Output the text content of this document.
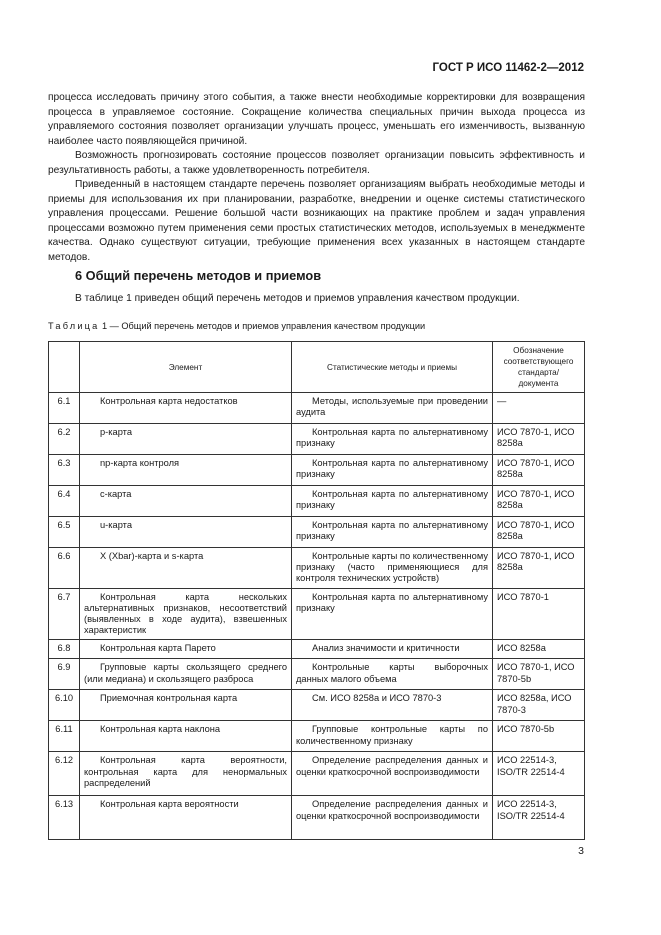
ГОСТ Р ИСО 11462-2—2012

процесса исследовать причину этого события, а также внести необходимые корректировки для возвращения процесса в управляемое состояние. Сокращение количества специальных причин выхода процесса из управляемого состояния позволяет организации улучшать процесс, уменьшать его изменчивость, вызванную наиболее часто появляющейся причиной.

Возможность прогнозировать состояние процессов позволяет организации повысить эффективность и результативность работы, а также удовлетворенность потребителя.

Приведенный в настоящем стандарте перечень позволяет организациям выбрать необходимые методы и приемы для использования их при планировании, разработке, внедрении и оценке системы статистического управления процессами. Решение большой части возникающих на практике проблем и задач управления процессами возможно путем применения семи простых статистических методов, используемых в менеджменте качества. Однако существуют ситуации, требующие применения всех указанных в настоящем стандарте методов.

6 Общий перечень методов и приемов
В таблице 1 приведен общий перечень методов и приемов управления качеством продукции.
Таблица 1 — Общий перечень методов и приемов управления качеством продукции
	Элемент	Статистические методы и приемы	Обозначение соответствующего стандарта/ документа
6.1	Контрольная карта недостатков	Методы, используемые при проведении аудита	—
6.2	p-карта	Контрольная карта по альтернативному признаку	ИСО 7870-1, ИСО 8258а
6.3	np-карта контроля	Контрольная карта по альтернативному признаку	ИСО 7870-1, ИСО 8258а
6.4	c-карта	Контрольная карта по альтернативному признаку	ИСО 7870-1, ИСО 8258а
6.5	u-карта	Контрольная карта по альтернативному признаку	ИСО 7870-1, ИСО 8258а
6.6	X (Xbar)-карта и s-карта	Контрольные карты по количественному признаку (часто применяющиеся для контроля технических устройств)	ИСО 7870-1, ИСО 8258а
6.7	Контрольная карта нескольких альтернативных признаков, несоответствий (выявленных в ходе аудита), взвешенных характеристик	Контрольная карта по альтернативному признаку	ИСО 7870-1
6.8	Контрольная карта Парето	Анализ значимости и критичности	ИСО 8258а
6.9	Групповые карты скользящего среднего (или медиана) и скользящего разброса	Контрольные карты выборочных данных малого объема	ИСО 7870-1, ИСО 7870-5b
6.10	Приемочная контрольная карта	См. ИСО 8258а и ИСО 7870-3	ИСО 8258а, ИСО 7870-3
6.11	Контрольная карта наклона	Групповые контрольные карты по количественному признаку	ИСО 7870-5b
6.12	Контрольная карта вероятности, контрольная карта для ненормальных распределений	Определение распределения данных и оценки краткосрочной воспроизводимости	ИСО 22514-3, ISO/TR 22514-4
6.13	Контрольная карта вероятности	Определение распределения данных и оценки краткосрочной воспроизводимости	ИСО 22514-3, ISO/TR 22514-4
3
